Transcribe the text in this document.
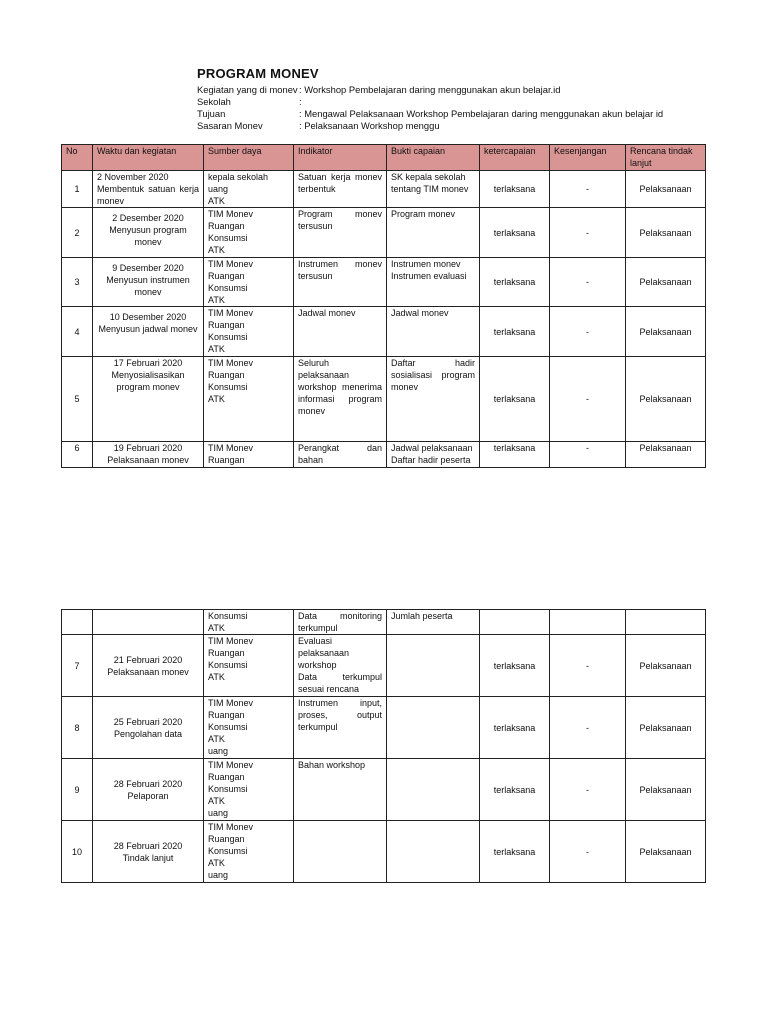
PROGRAM MONEV
Kegiatan yang di monev : Workshop Pembelajaran daring menggunakan akun belajar.id
Sekolah	:
Tujuan	: Mengawal Pelaksanaan Workshop Pembelajaran daring menggunakan akun belajar id
Sasaran Monev	: Pelaksanaan Workshop menggu
No	Waktu dan kegiatan	Sumber daya	Indikator	Bukti capaian	ketercapaian	Kesenjangan	Rencana tindak lanjut
1	2 November 2020
Membentuk satuan kerja monev	kepala sekolah
uang
ATK	Satuan kerja monev terbentuk	SK kepala sekolah tentang TIM monev	terlaksana	-	Pelaksanaan
2	2 Desember 2020
Menyusun program monev	TIM Monev
Ruangan
Konsumsi
ATK	Program monev tersusun	Program monev	terlaksana	-	Pelaksanaan
3	9 Desember 2020
Menyusun instrumen monev	TIM Monev
Ruangan
Konsumsi
ATK	Instrumen monev tersusun	Instrumen monev
Instrumen evaluasi	terlaksana	-	Pelaksanaan
4	10 Desember 2020
Menyusun jadwal monev	TIM Monev
Ruangan
Konsumsi
ATK	Jadwal monev	Jadwal monev	terlaksana	-	Pelaksanaan
5	17 Februari 2020
Menyosialisasikan program monev	TIM Monev
Ruangan
Konsumsi
ATK	Seluruh pelaksanaan workshop menerima informasi program monev	Daftar hadir sosialisasi program monev	terlaksana	-	Pelaksanaan
6	19 Februari 2020
Pelaksanaan monev	TIM Monev
Ruangan	Perangkat dan bahan	Jadwal pelaksanaan
Daftar hadir peserta	terlaksana	-	Pelaksanaan
		Konsumsi
ATK	Data monitoring terkumpul	Jumlah peserta			
7	21 Februari 2020
Pelaksanaan monev	TIM Monev
Ruangan
Konsumsi
ATK	Evaluasi pelaksanaan workshop
Data terkumpul sesuai rencana		terlaksana	-	Pelaksanaan
8	25 Februari 2020
Pengolahan data	TIM Monev
Ruangan
Konsumsi
ATK
uang	Instrumen input, proses, output terkumpul		terlaksana	-	Pelaksanaan
9	28 Februari 2020
Pelaporan	TIM Monev
Ruangan
Konsumsi
ATK
uang	Bahan workshop		terlaksana	-	Pelaksanaan
10	28 Februari 2020
Tindak lanjut	TIM Monev
Ruangan
Konsumsi
ATK
uang			terlaksana	-	Pelaksanaan
